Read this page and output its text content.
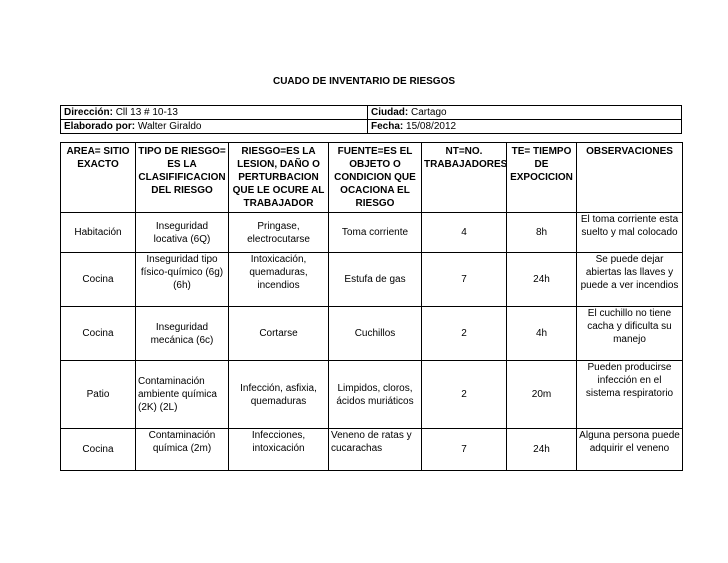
CUADO DE INVENTARIO DE RIESGOS
Dirección: Cll 13 # 10-13	Ciudad: Cartago
Elaborado por: Walter Giraldo	Fecha: 15/08/2012
AREA= SITIO EXACTO	TIPO DE RIESGO= ES LA CLASIFIFICACION DEL RIESGO	RIESGO=ES LA LESION, DAÑO O PERTURBACION QUE LE OCURE AL TRABAJADOR	FUENTE=ES EL OBJETO O CONDICION QUE OCACIONA EL RIESGO	NT=NO. TRABAJADORES	TE= TIEMPO DE EXPOCICION	OBSERVACIONES
Habitación	Inseguridad locativa (6Q)	Pringase, electrocutarse	Toma corriente	4	8h	El toma corriente esta suelto y mal colocado
Cocina	Inseguridad tipo físico-químico (6g) (6h)	Intoxicación, quemaduras, incendios	Estufa de gas	7	24h	Se puede dejar abiertas las llaves y puede a ver incendios
Cocina	Inseguridad mecánica (6c)	Cortarse	Cuchillos	2	4h	El cuchillo no tiene cacha y dificulta su manejo
Patio	Contaminación ambiente química (2K) (2L)	Infección, asfixia, quemaduras	Limpidos, cloros, ácidos muriáticos	2	20m	Pueden producirse infección en el sistema respiratorio
Cocina	Contaminación química (2m)	Infecciones, intoxicación	Veneno de ratas y cucarachas	7	24h	Alguna persona puede adquirir el veneno
